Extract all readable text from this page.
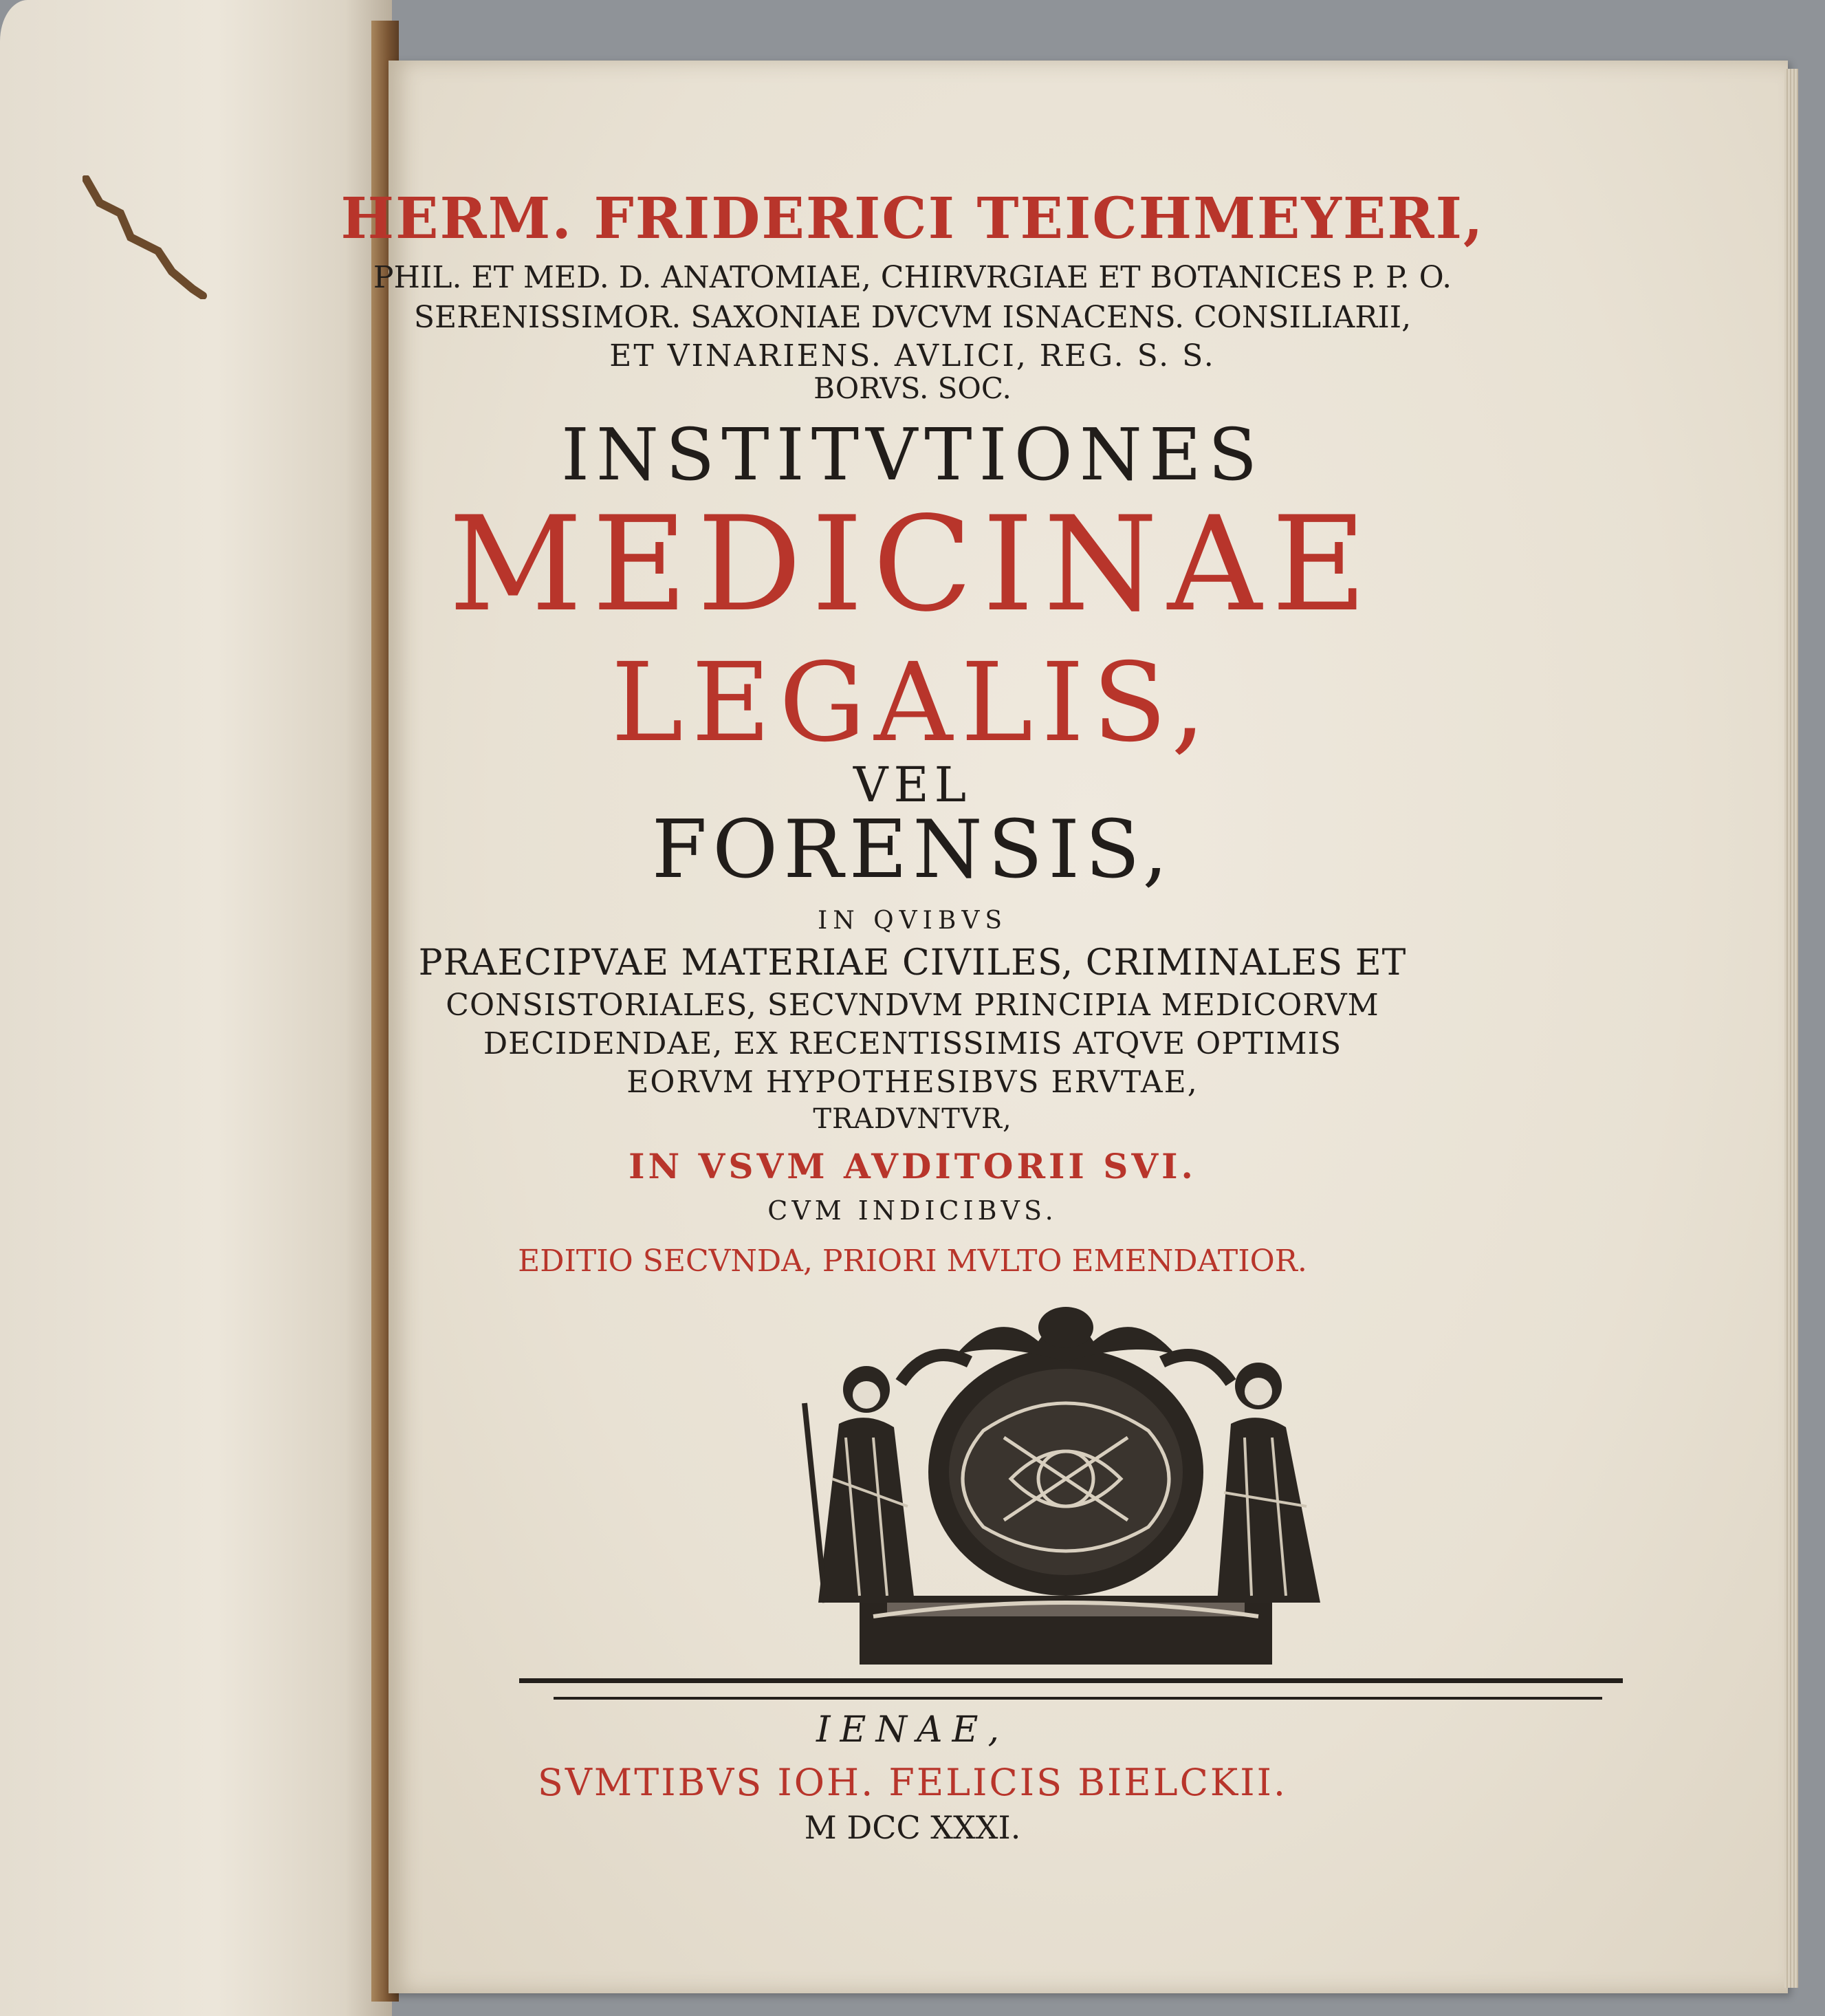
HERM. FRIDERICI TEICHMEYERI,
PHIL. ET MED. D. ANATOMIAE, CHIRVRGIAE ET BOTANICES P. P. O.
SERENISSIMOR. SAXONIAE DVCVM ISNACENS. CONSILIARII,
ET VINARIENS. AVLICI, REG. S. S.
BORVS. SOC.
INSTITVTIONES
MEDICINAE
LEGALIS,
VEL
FORENSIS,
IN QVIBVS
PRAECIPVAE MATERIAE CIVILES, CRIMINALES ET
CONSISTORIALES, SECVNDVM PRINCIPIA MEDICORVM
DECIDENDAE, EX RECENTISSIMIS ATQVE OPTIMIS
EORVM HYPOTHESIBVS ERVTAE,
TRADVNTVR,
IN VSVM AVDITORII SVI.
CVM INDICIBVS.
EDITIO SECVNDA, PRIORI MVLTO EMENDATIOR.
IENAE,
SVMTIBVS IOH. FELICIS BIELCKII.
M DCC XXXI.
